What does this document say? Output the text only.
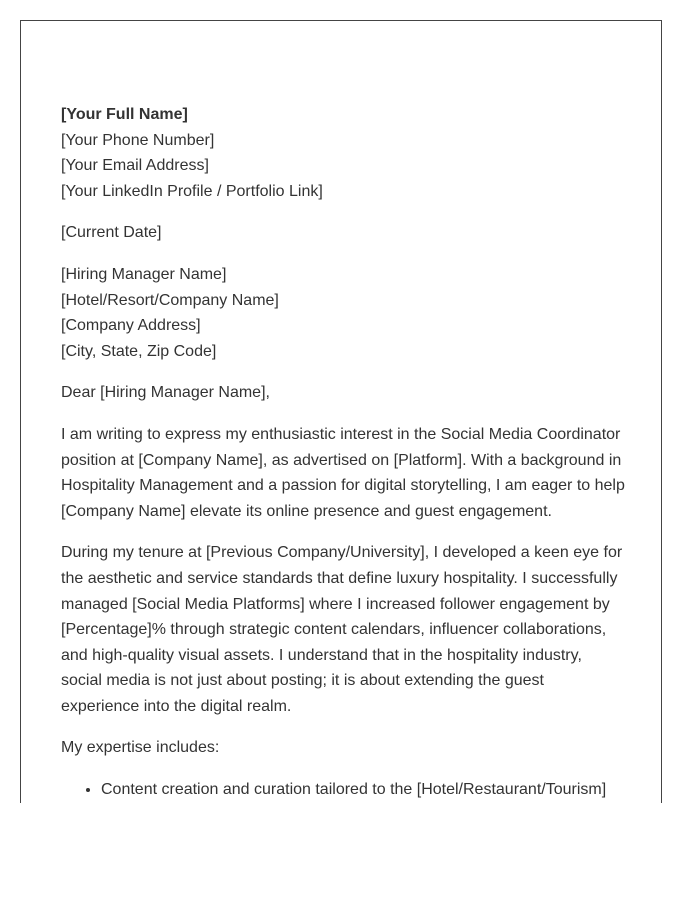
[Your Full Name]
[Your Phone Number]
[Your Email Address]
[Your LinkedIn Profile / Portfolio Link]
[Current Date]
[Hiring Manager Name]
[Hotel/Resort/Company Name]
[Company Address]
[City, State, Zip Code]

Dear [Hiring Manager Name],

I am writing to express my enthusiastic interest in the Social Media Coordinator position at [Company Name], as advertised on [Platform]. With a background in Hospitality Management and a passion for digital storytelling, I am eager to help [Company Name] elevate its online presence and guest engagement.

During my tenure at [Previous Company/University], I developed a keen eye for the aesthetic and service standards that define luxury hospitality. I successfully managed [Social Media Platforms] where I increased follower engagement by [Percentage]% through strategic content calendars, influencer collaborations, and high-quality visual assets. I understand that in the hospitality industry, social media is not just about posting; it is about extending the guest experience into the digital realm.

My expertise includes:

• Content creation and curation tailored to the [Hotel/Restaurant/Tourism]
